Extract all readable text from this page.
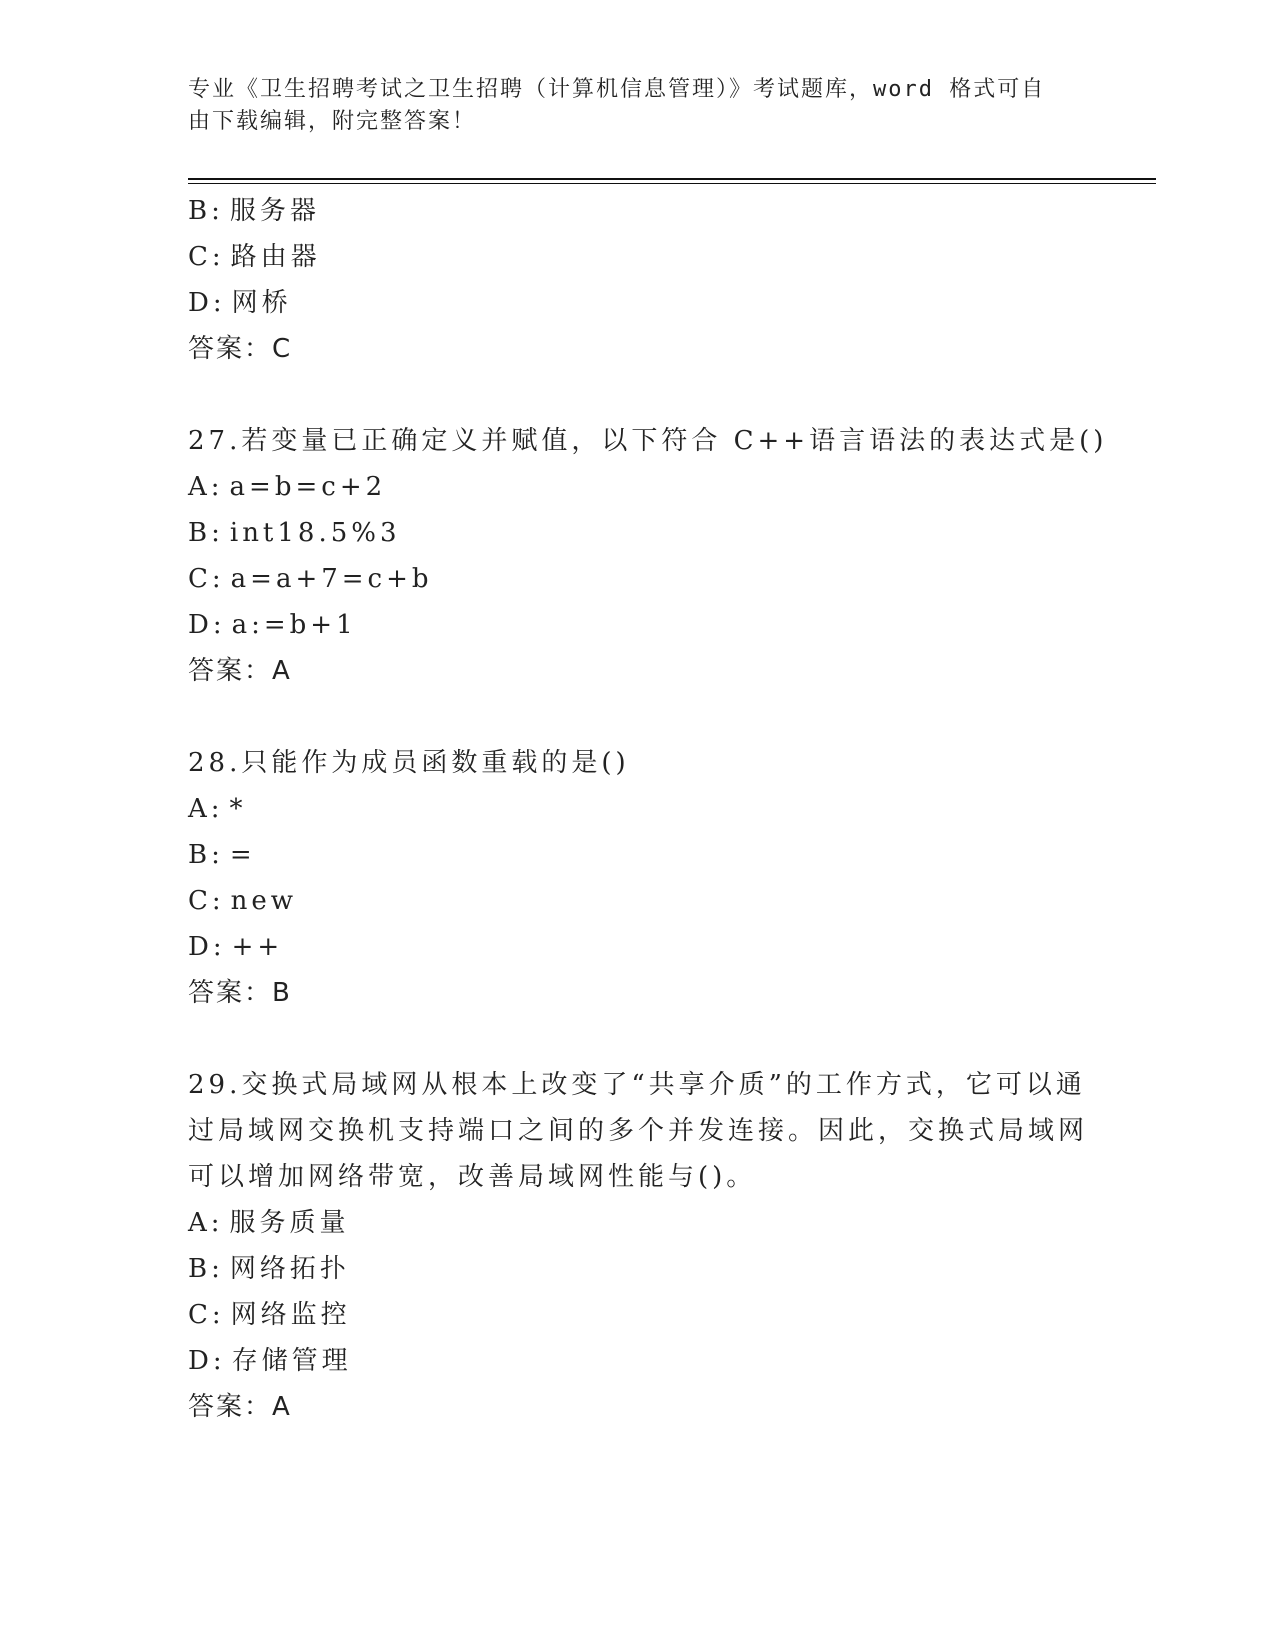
专业《卫生招聘考试之卫生招聘（计算机信息管理）》考试题库，word 格式可自

由下载编辑，附完整答案！

B: 服务器
C: 路由器
D: 网桥
答案：C
27.若变量已正确定义并赋值，以下符合 C++语言语法的表达式是()
A: a=b=c+2
B: int18.5%3
C: a=a+7=c+b
D: a:=b+1
答案：A
28.只能作为成员函数重载的是()
A: *
B: =
C: new
D: ++
答案：B
29.交换式局域网从根本上改变了“共享介质”的工作方式，它可以通
过局域网交换机支持端口之间的多个并发连接。因此，交换式局域网
可以增加网络带宽，改善局域网性能与()。
A: 服务质量
B: 网络拓扑
C: 网络监控
D: 存储管理
答案：A
